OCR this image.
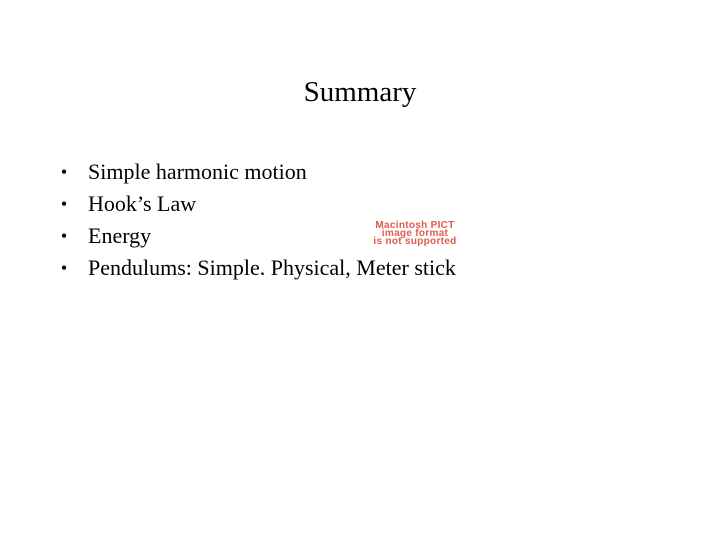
Summary
• Simple harmonic motion
• Hook’s Law
• Energy
• Pendulums: Simple. Physical, Meter stick
Macintosh PICT
image format
is not supported
